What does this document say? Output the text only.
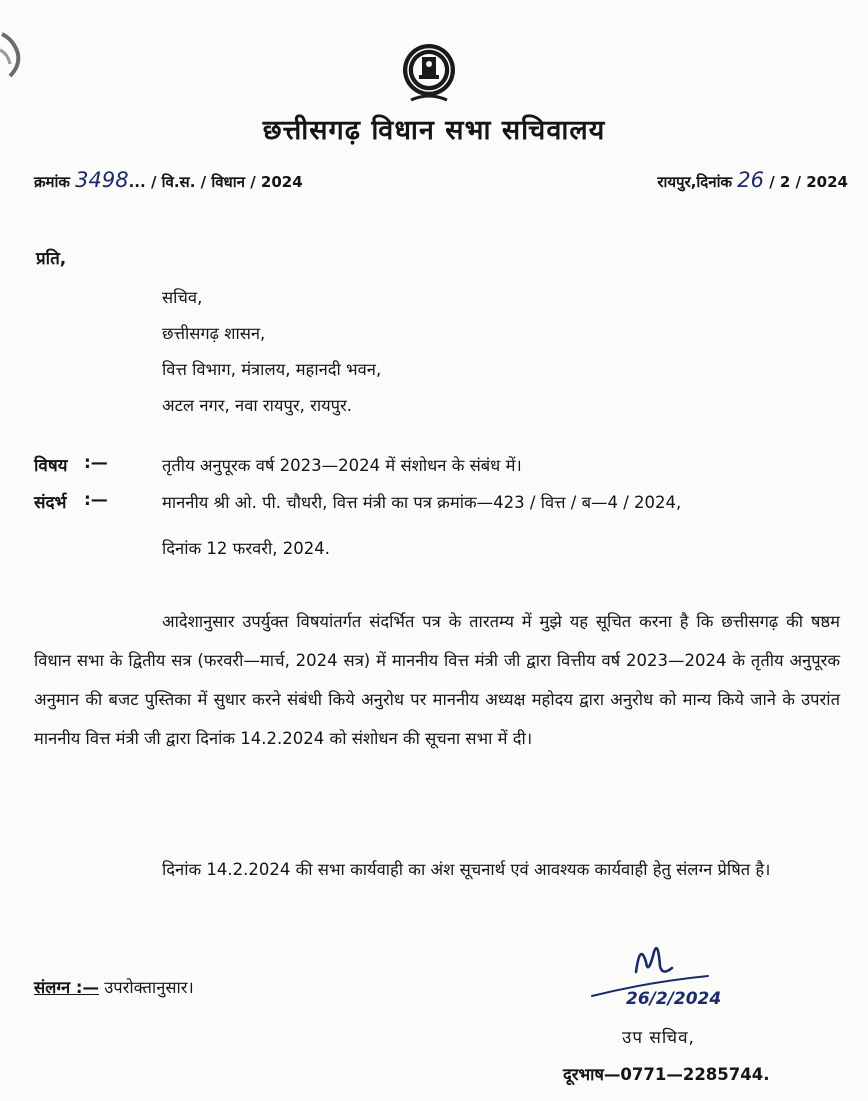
छत्तीसगढ़ विधान सभा सचिवालय
क्रमांक 3498... / वि.स. / विधान / 2024	रायपुर,दिनांक 26 / 2 / 2024
प्रति,
सचिव,
छत्तीसगढ़ शासन,
वित्त विभाग, मंत्रालय, महानदी भवन,
अटल नगर, नवा रायपुर, रायपुर.
विषय :—	तृतीय अनुपूरक वर्ष 2023—2024 में संशोधन के संबंध में।
संदर्भ :—	माननीय श्री ओ. पी. चौधरी, वित्त मंत्री का पत्र क्रमांक—423 / वित्त / ब—4 / 2024,
दिनांक 12 फरवरी, 2024.

आदेशानुसार उपर्युक्त विषयांतर्गत संदर्भित पत्र के तारतम्य में मुझे यह सूचित करना है कि छत्तीसगढ़ की षष्ठम विधान सभा के द्वितीय सत्र (फरवरी—मार्च, 2024 सत्र) में माननीय वित्त मंत्री जी द्वारा वित्तीय वर्ष 2023—2024 के तृतीय अनुपूरक अनुमान की बजट पुस्तिका में सुधार करने संबंधी किये अनुरोध पर माननीय अध्यक्ष महोदय द्वारा अनुरोध को मान्य किये जाने के उपरांत माननीय वित्त मंत्री जी द्वारा दिनांक 14.2.2024 को संशोधन की सूचना सभा में दी।

दिनांक 14.2.2024 की सभा कार्यवाही का अंश सूचनार्थ एवं आवश्यक कार्यवाही हेतु संलग्न प्रेषित है।

संलग्न :— उपरोक्तानुसार।
26/2/2024
उप सचिव,
दूरभाष—0771—2285744.
